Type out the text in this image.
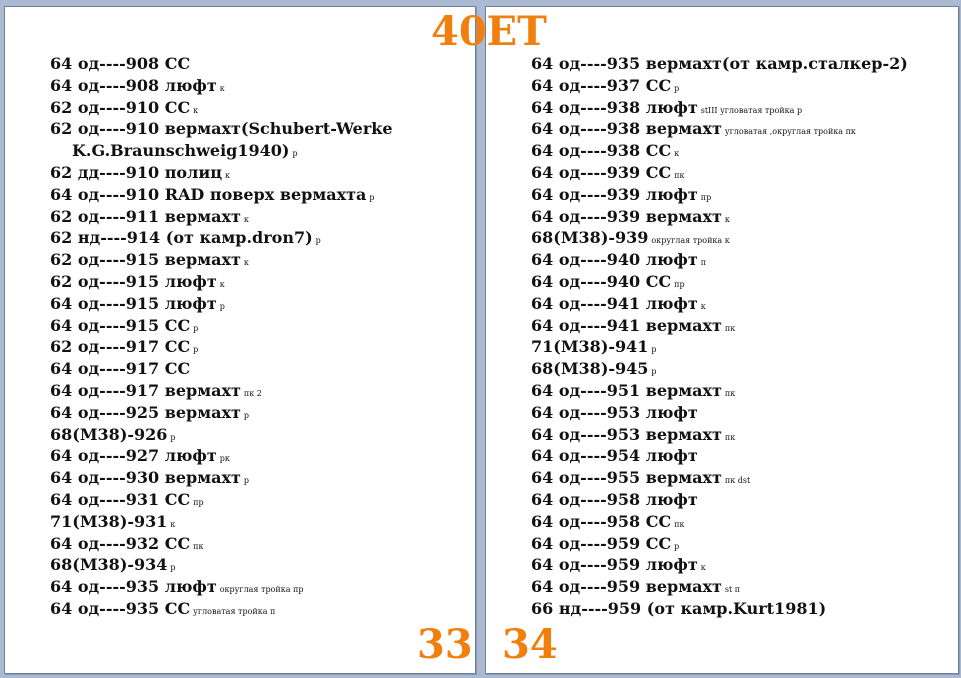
64 од----908 СС
64 од----908 люфт к
62 од----910 СС к
62 од----910 вермахт(Schubert-Werke
K.G.Braunschweig1940) р
62 дд----910 полиц к
64 од----910 RAD поверх вермахта р
62 од----911 вермахт к
62 нд----914 (от камр.dron7) р
62 од----915 вермахт к
62 од----915 люфт к
64 од----915 люфт р
64 од----915 СС р
62 од----917 СС р
64 од----917 СС
64 од----917 вермахт пк 2
64 од----925 вермахт р
68(М38)-926 р
64 од----927 люфт рк
64 од----930 вермахт р
64 од----931 СС пр
71(М38)-931 к
64 од----932 СС пк
68(М38)-934 р
64 од----935 люфт округлая тройка пр
64 од----935 СС угловатая тройка п
33
64 од----935 вермахт(от камр.сталкер-2)
64 од----937 СС р
64 од----938 люфт stIII угловатая тройка р
64 од----938 вермахт угловатая ,округлая тройка пк
64 од----938 СС к
64 од----939 СС пк
64 од----939 люфт пр
64 од----939 вермахт к
68(М38)-939 округлая тройка к
64 од----940 люфт п
64 од----940 СС пр
64 од----941 люфт к
64 од----941 вермахт пк
71(М38)-941 р
68(М38)-945 р
64 од----951 вермахт пк
64 од----953 люфт
64 од----953 вермахт пк
64 од----954 люфт
64 од----955 вермахт пк dst
64 од----958 люфт
64 од----958 СС пк
64 од----959 СС р
64 од----959 люфт к
64 од----959 вермахт st п
66 нд----959 (от камр.Kurt1981)
34
40ET
